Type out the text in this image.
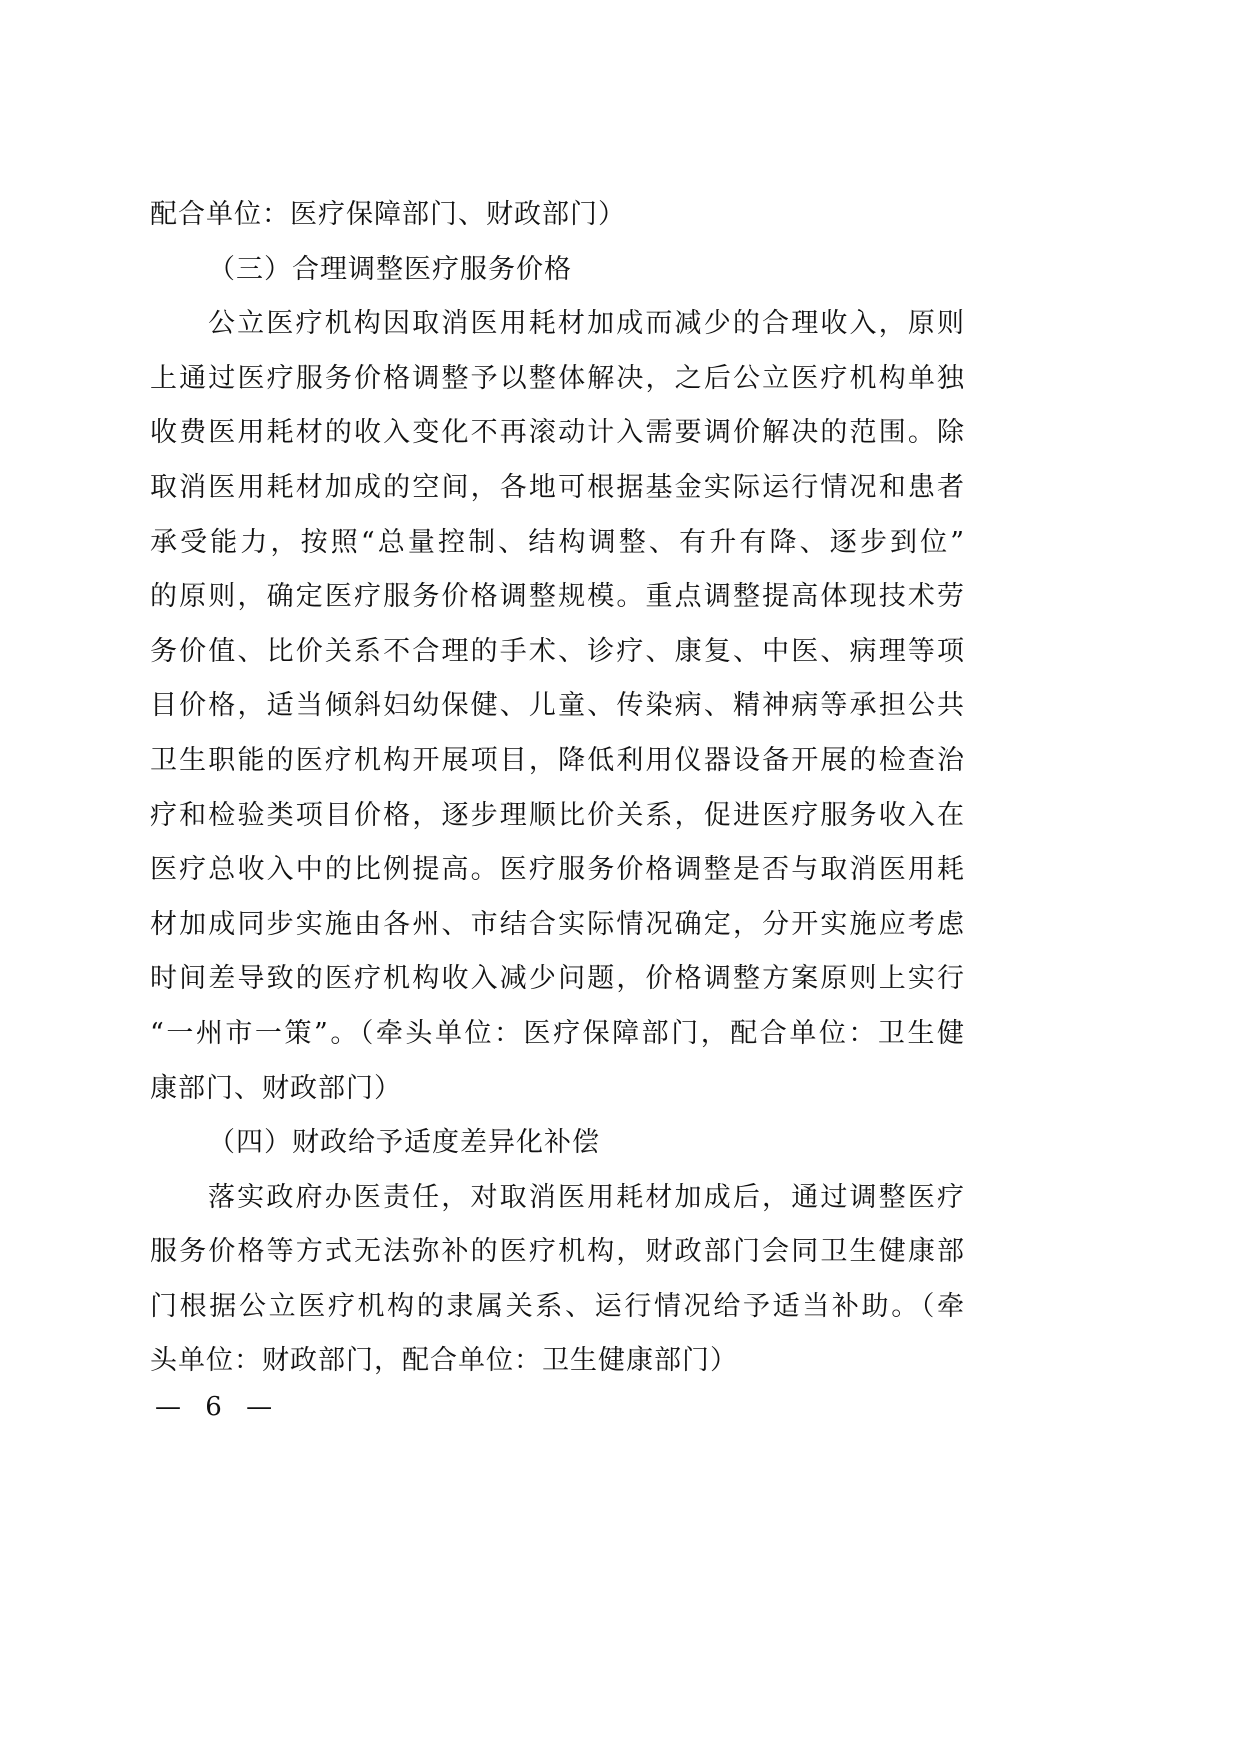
配合单位：医疗保障部门、财政部门）
（三）合理调整医疗服务价格
公立医疗机构因取消医用耗材加成而减少的合理收入，原则
上通过医疗服务价格调整予以整体解决，之后公立医疗机构单独
收费医用耗材的收入变化不再滚动计入需要调价解决的范围。除
取消医用耗材加成的空间，各地可根据基金实际运行情况和患者
承受能力，按照“总量控制、结构调整、有升有降、逐步到位”
的原则，确定医疗服务价格调整规模。重点调整提高体现技术劳
务价值、比价关系不合理的手术、诊疗、康复、中医、病理等项
目价格，适当倾斜妇幼保健、儿童、传染病、精神病等承担公共
卫生职能的医疗机构开展项目，降低利用仪器设备开展的检查治
疗和检验类项目价格，逐步理顺比价关系，促进医疗服务收入在
医疗总收入中的比例提高。医疗服务价格调整是否与取消医用耗
材加成同步实施由各州、市结合实际情况确定，分开实施应考虑
时间差导致的医疗机构收入减少问题，价格调整方案原则上实行
“一州市一策”。（牵头单位：医疗保障部门，配合单位：卫生健
康部门、财政部门）
（四）财政给予适度差异化补偿
落实政府办医责任，对取消医用耗材加成后，通过调整医疗
服务价格等方式无法弥补的医疗机构，财政部门会同卫生健康部
门根据公立医疗机构的隶属关系、运行情况给予适当补助。（牵
头单位：财政部门，配合单位：卫生健康部门）
— 6 —
